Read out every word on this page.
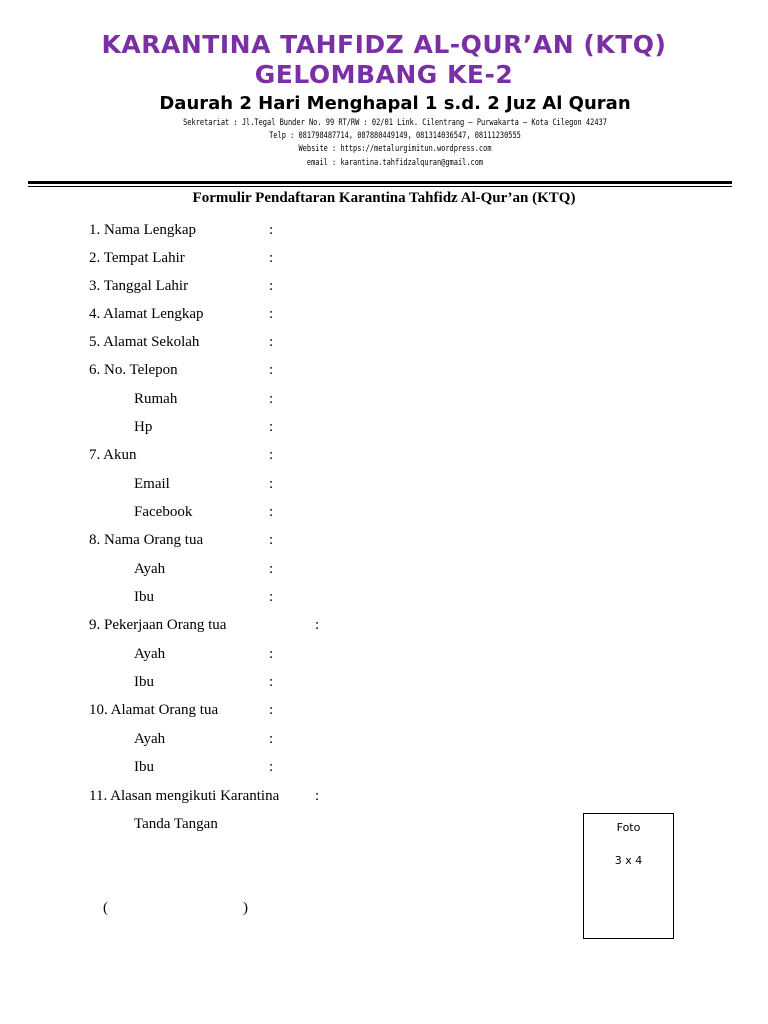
KARANTINA TAHFIDZ AL-QUR’AN (KTQ)
GELOMBANG KE-2
Daurah 2 Hari Menghapal 1 s.d. 2 Juz Al Quran
Sekretariat : Jl.Tegal Bunder No. 99 RT/RW : 02/01 Link. Cilentrang – Purwakarta – Kota Cilegon 42437
Telp : 081798487714, 087880449149, 081314036547, 08111230555
Website : https://metalurgimitun.wordpress.com
email : karantina.tahfidzalquran@gmail.com
Formulir Pendaftaran Karantina Tahfidz Al-Qur’an (KTQ)
1. Nama Lengkap	:
2. Tempat Lahir	:
3. Tanggal Lahir	:
4. Alamat Lengkap	:
5. Alamat Sekolah	:
6. No. Telepon	:
Rumah	:
Hp	:
7. Akun	:
Email	:
Facebook	:
8. Nama Orang tua	:
Ayah	:
Ibu	:
9. Pekerjaan Orang tua	:
Ayah	:
Ibu	:
10. Alamat Orang tua	:
Ayah	:
Ibu	:
11. Alasan mengikuti Karantina :
Tanda Tangan
(	)
Foto
3 x 4
